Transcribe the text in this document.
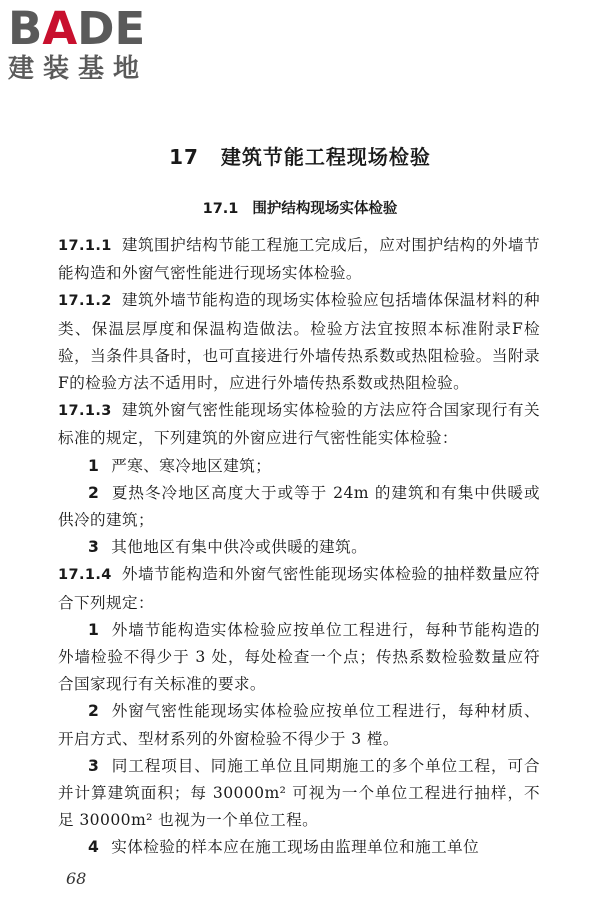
B A DE
建装基地
17 建筑节能工程现场检验
17.1 围护结构现场实体检验

17.1.1 建筑围护结构节能工程施工完成后，应对围护结构的外墙节能构造和外窗气密性能进行现场实体检验。

17.1.2 建筑外墙节能构造的现场实体检验应包括墙体保温材料的种类、保温层厚度和保温构造做法。检验方法宜按照本标准附录F检验，当条件具备时，也可直接进行外墙传热系数或热阻检验。当附录F的检验方法不适用时，应进行外墙传热系数或热阻检验。

17.1.3 建筑外窗气密性能现场实体检验的方法应符合国家现行有关标准的规定，下列建筑的外窗应进行气密性能实体检验：

1 严寒、寒冷地区建筑；

2 夏热冬冷地区高度大于或等于 24m 的建筑和有集中供暖或供冷的建筑；

3 其他地区有集中供冷或供暖的建筑。

17.1.4 外墙节能构造和外窗气密性能现场实体检验的抽样数量应符合下列规定：

1 外墙节能构造实体检验应按单位工程进行，每种节能构造的外墙检验不得少于 3 处，每处检查一个点；传热系数检验数量应符合国家现行有关标准的要求。

2 外窗气密性能现场实体检验应按单位工程进行，每种材质、开启方式、型材系列的外窗检验不得少于 3 樘。

3 同工程项目、同施工单位且同期施工的多个单位工程，可合并计算建筑面积；每 30000m² 可视为一个单位工程进行抽样，不足 30000m² 也视为一个单位工程。

4 实体检验的样本应在施工现场由监理单位和施工单位

68
